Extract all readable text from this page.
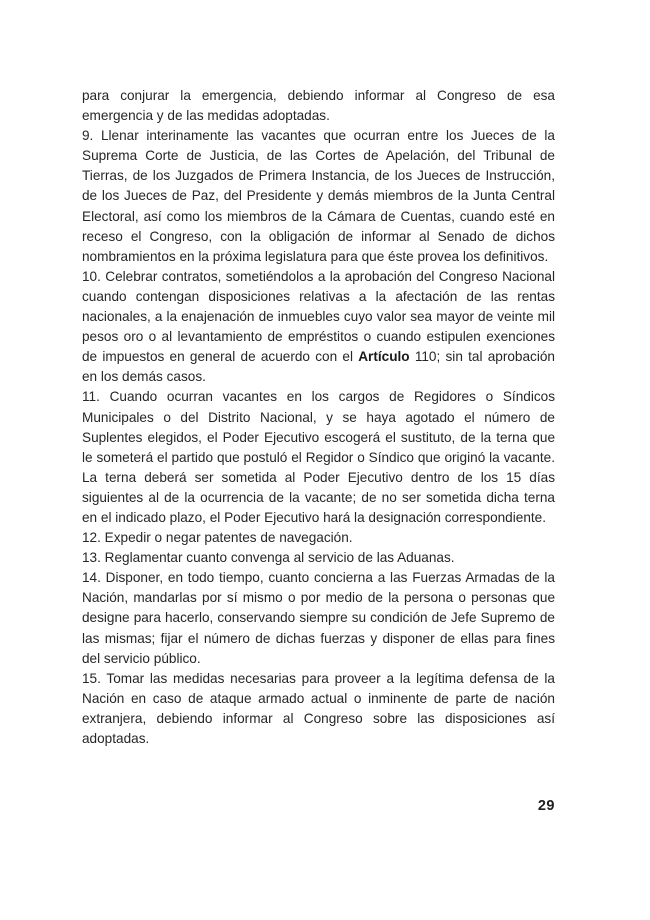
para conjurar la emergencia, debiendo informar al Congreso de esa emergencia y de las medidas adoptadas.

9. Llenar interinamente las vacantes que ocurran entre los Jueces de la Suprema Corte de Justicia, de las Cortes de Apelación, del Tribunal de Tierras, de los Juzgados de Primera Instancia, de los Jueces de Instrucción, de los Jueces de Paz, del Presidente y demás miembros de la Junta Central Electoral, así como los miembros de la Cámara de Cuentas, cuando esté en receso el Congreso, con la obligación de informar al Senado de dichos nombramientos en la próxima legislatura para que éste provea los definitivos.

10. Celebrar contratos, sometiéndolos a la aprobación del Congreso Nacional cuando contengan disposiciones relativas a la afectación de las rentas nacionales, a la enajenación de inmuebles cuyo valor sea mayor de veinte mil pesos oro o al levantamiento de empréstitos o cuando estipulen exenciones de impuestos en general de acuerdo con el Artículo 110; sin tal aprobación en los demás casos.

11. Cuando ocurran vacantes en los cargos de Regidores o Síndicos Municipales o del Distrito Nacional, y se haya agotado el número de Suplentes elegidos, el Poder Ejecutivo escogerá el sustituto, de la terna que le someterá el partido que postuló el Regidor o Síndico que originó la vacante. La terna deberá ser sometida al Poder Ejecutivo dentro de los 15 días siguientes al de la ocurrencia de la vacante; de no ser sometida dicha terna en el indicado plazo, el Poder Ejecutivo hará la designación correspondiente.

12. Expedir o negar patentes de navegación.

13. Reglamentar cuanto convenga al servicio de las Aduanas.

14. Disponer, en todo tiempo, cuanto concierna a las Fuerzas Armadas de la Nación, mandarlas por sí mismo o por medio de la persona o personas que designe para hacerlo, conservando siempre su condición de Jefe Supremo de las mismas; fijar el número de dichas fuerzas y disponer de ellas para fines del servicio público.

15. Tomar las medidas necesarias para proveer a la legítima defensa de la Nación en caso de ataque armado actual o inminente de parte de nación extranjera, debiendo informar al Congreso sobre las disposiciones así adoptadas.

29
